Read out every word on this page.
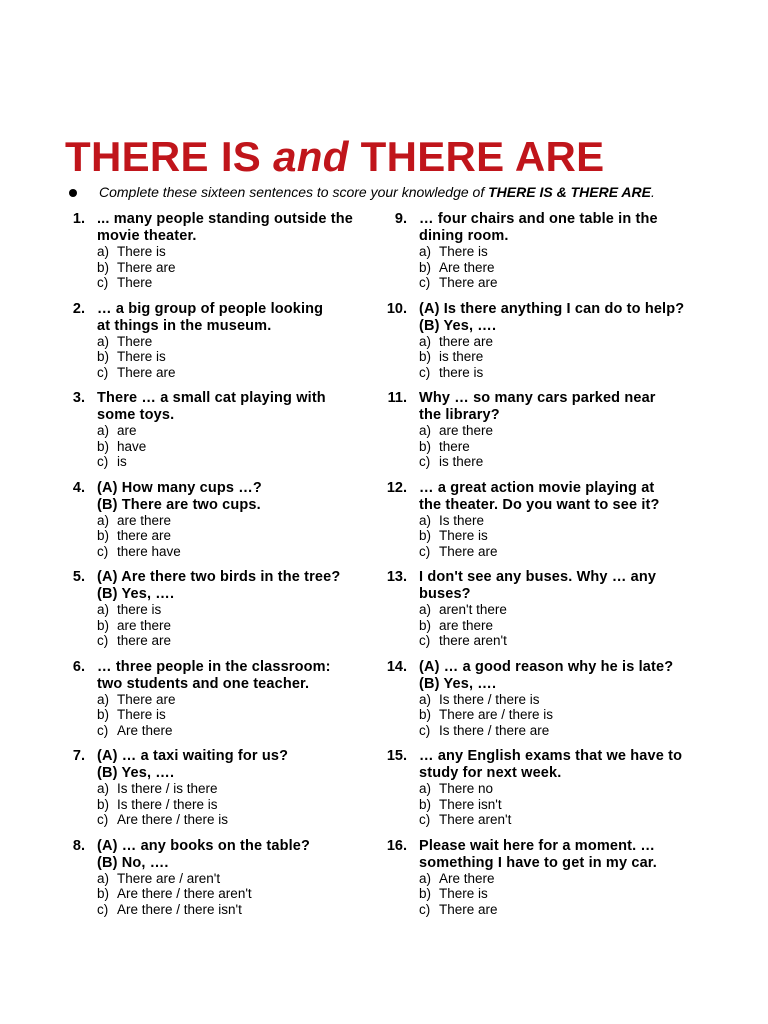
THERE IS and THERE ARE
Complete these sixteen sentences to score your knowledge of THERE IS & THERE ARE.
1. ... many people standing outside the
movie theater.
a) There is
b) There are
c) There
2. … a big group of people looking
at things in the museum.
a) There
b) There is
c) There are
3. There … a small cat playing with
some toys.
a) are
b) have
c) is
4. (A) How many cups …?
(B) There are two cups.
a) are there
b) there are
c) there have
5. (A) Are there two birds in the tree?
(B) Yes, ….
a) there is
b) are there
c) there are
6. … three people in the classroom:
two students and one teacher.
a) There are
b) There is
c) Are there
7. (A) … a taxi waiting for us?
(B) Yes, ….
a) Is there / is there
b) Is there / there is
c) Are there / there is
8. (A) … any books on the table?
(B) No, ….
a) There are / aren't
b) Are there / there aren't
c) Are there / there isn't
9. … four chairs and one table in the
dining room.
a) There is
b) Are there
c) There are
10. (A) Is there anything I can do to help?
(B) Yes, ….
a) there are
b) is there
c) there is
11. Why … so many cars parked near
the library?
a) are there
b) there
c) is there
12. … a great action movie playing at
the theater. Do you want to see it?
a) Is there
b) There is
c) There are
13. I don't see any buses. Why … any
buses?
a) aren't there
b) are there
c) there aren't
14. (A) … a good reason why he is late?
(B) Yes, ….
a) Is there / there is
b) There are / there is
c) Is there / there are
15. … any English exams that we have to
study for next week.
a) There no
b) There isn't
c) There aren't
16. Please wait here for a moment. …
something I have to get in my car.
a) Are there
b) There is
c) There are
